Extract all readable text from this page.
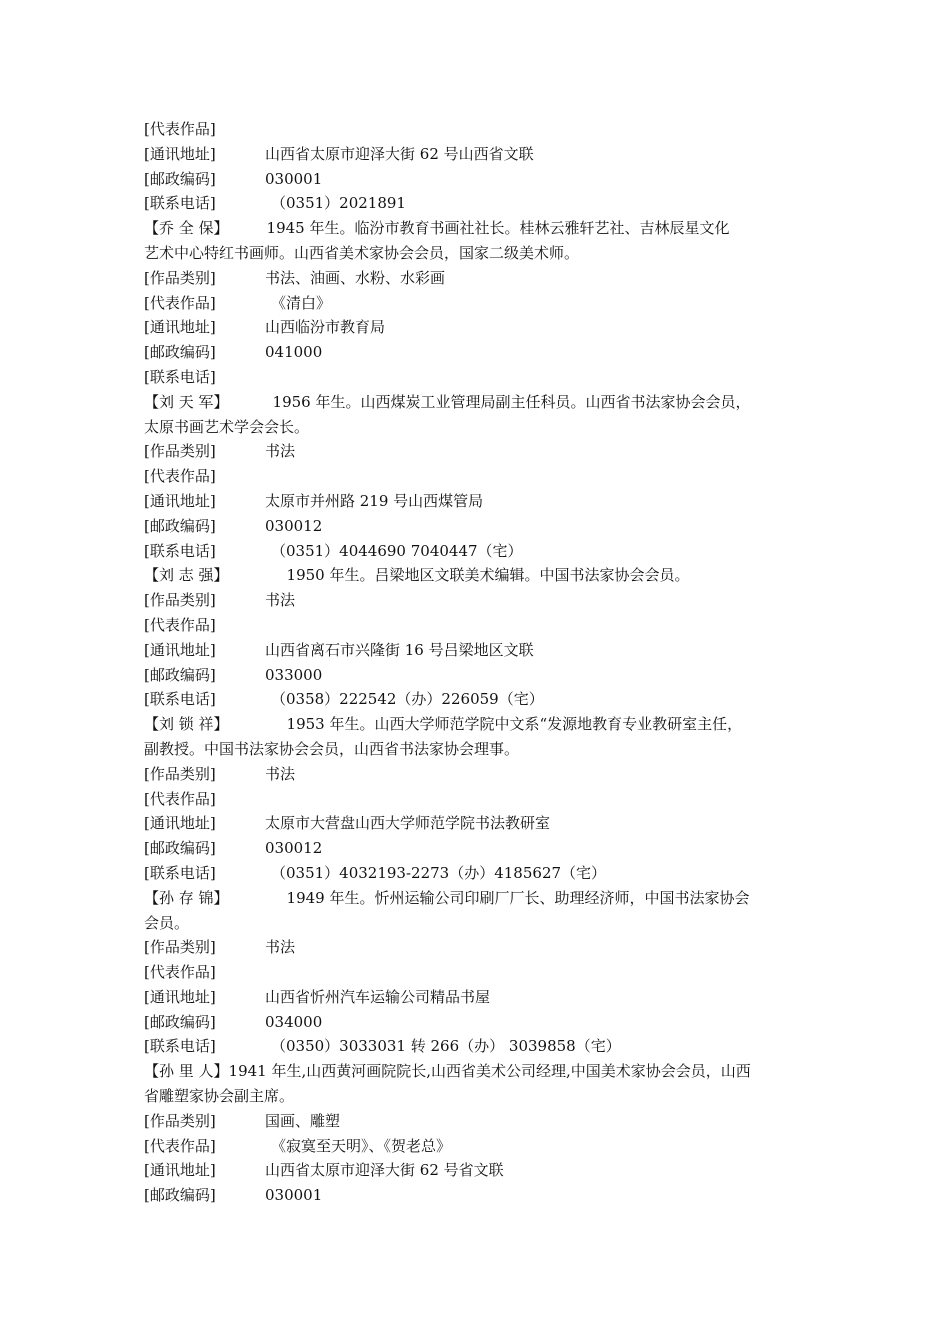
[代表作品]
[通讯地址]	山西省太原市迎泽大街 62 号山西省文联
[邮政编码]	030001
[联系电话]	（0351）2021891
【乔 全 保】	1945 年生。临汾市教育书画社社长。桂林云雅轩艺社、吉林辰星文化
艺术中心特红书画师。山西省美术家协会会员，国家二级美术师。
[作品类别]	书法、油画、水粉、水彩画
[代表作品]	《清白》
[通讯地址]	山西临汾市教育局
[邮政编码]	041000
[联系电话]
【刘 天 军】	1956 年生。山西煤炭工业管理局副主任科员。山西省书法家协会会员，
太原书画艺术学会会长。
[作品类别]	书法
[代表作品]
[通讯地址]	太原市并州路 219 号山西煤管局
[邮政编码]	030012
[联系电话]	（0351）4044690 7040447（宅）
【刘 志 强】	1950 年生。吕梁地区文联美术编辑。中国书法家协会会员。
[作品类别]	书法
[代表作品]
[通讯地址]	山西省离石市兴隆街 16 号吕梁地区文联
[邮政编码]	033000
[联系电话]	（0358）222542（办）226059（宅）
【刘 锁 祥】	1953 年生。山西大学师范学院中文系“发源地教育专业教研室主任，
副教授。中国书法家协会会员，山西省书法家协会理事。
[作品类别]	书法
[代表作品]
[通讯地址]	太原市大营盘山西大学师范学院书法教研室
[邮政编码]	030012
[联系电话]	（0351）4032193-2273（办）4185627（宅）
【孙 存 锦】	1949 年生。忻州运输公司印刷厂厂长、助理经济师，中国书法家协会
会员。
[作品类别]	书法
[代表作品]
[通讯地址]	山西省忻州汽车运输公司精品书屋
[邮政编码]	034000
[联系电话]	（0350）3033031 转 266（办） 3039858（宅）
【孙 里 人】1941 年生,山西黄河画院院长,山西省美术公司经理,中国美术家协会会员，山西
省雕塑家协会副主席。
[作品类别]	国画、雕塑
[代表作品]	《寂寞至天明》、《贺老总》
[通讯地址]	山西省太原市迎泽大街 62 号省文联
[邮政编码]	030001
